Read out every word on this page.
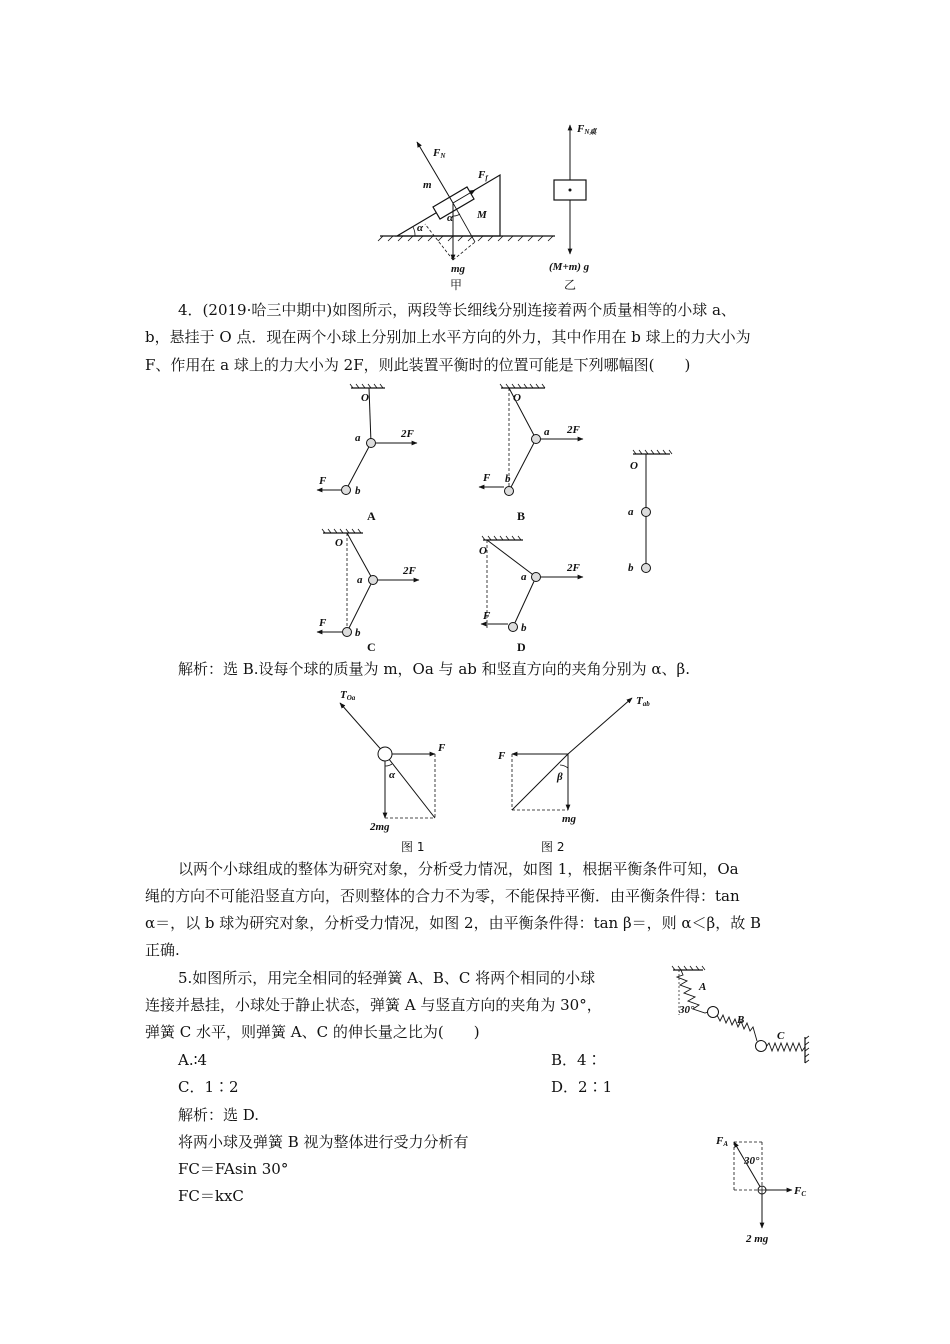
FN
Ff
m
M
α
α
mg
甲
FN桌
(M+m) g
乙
4．(2019·哈三中期中)如图所示，两段等长细线分别连接着两个质量相等的小球 a、
b，悬挂于 O 点．现在两个小球上分别加上水平方向的外力，其中作用在 b 球上的力大小为
F、作用在 a 球上的力大小为 2F，则此装置平衡时的位置可能是下列哪幅图(　　)
O
a
b
2F
F
A
O
a
b
2F
F
B
O
a
b
O
a
b
2F
F
C
O
a
b
2F
F
D
解析：选 B.设每个球的质量为 m，Oa 与 ab 和竖直方向的夹角分别为 α、β.
TOa
F
α
2mg
图 1
Tab
F
β
mg
图 2
以两个小球组成的整体为研究对象，分析受力情况，如图 1，根据平衡条件可知，Oa
绳的方向不可能沿竖直方向，否则整体的合力不为零，不能保持平衡．由平衡条件得：tan
α＝，以 b 球为研究对象，分析受力情况，如图 2，由平衡条件得：tan β＝，则 α＜β，故 B
正确.
5.如图所示，用完全相同的轻弹簧 A、B、C 将两个相同的小球
连接并悬挂，小球处于静止状态，弹簧 A 与竖直方向的夹角为 30°，
弹簧 C 水平，则弹簧 A、C 的伸长量之比为(　　)
A
B
C
30°
A.∶4	B．4∶
C．1∶2	D．2∶1
解析：选 D.
将两小球及弹簧 B 视为整体进行受力分析有
FC＝FAsin 30°
FC＝kxC
FA
30°
FC
2 mg
